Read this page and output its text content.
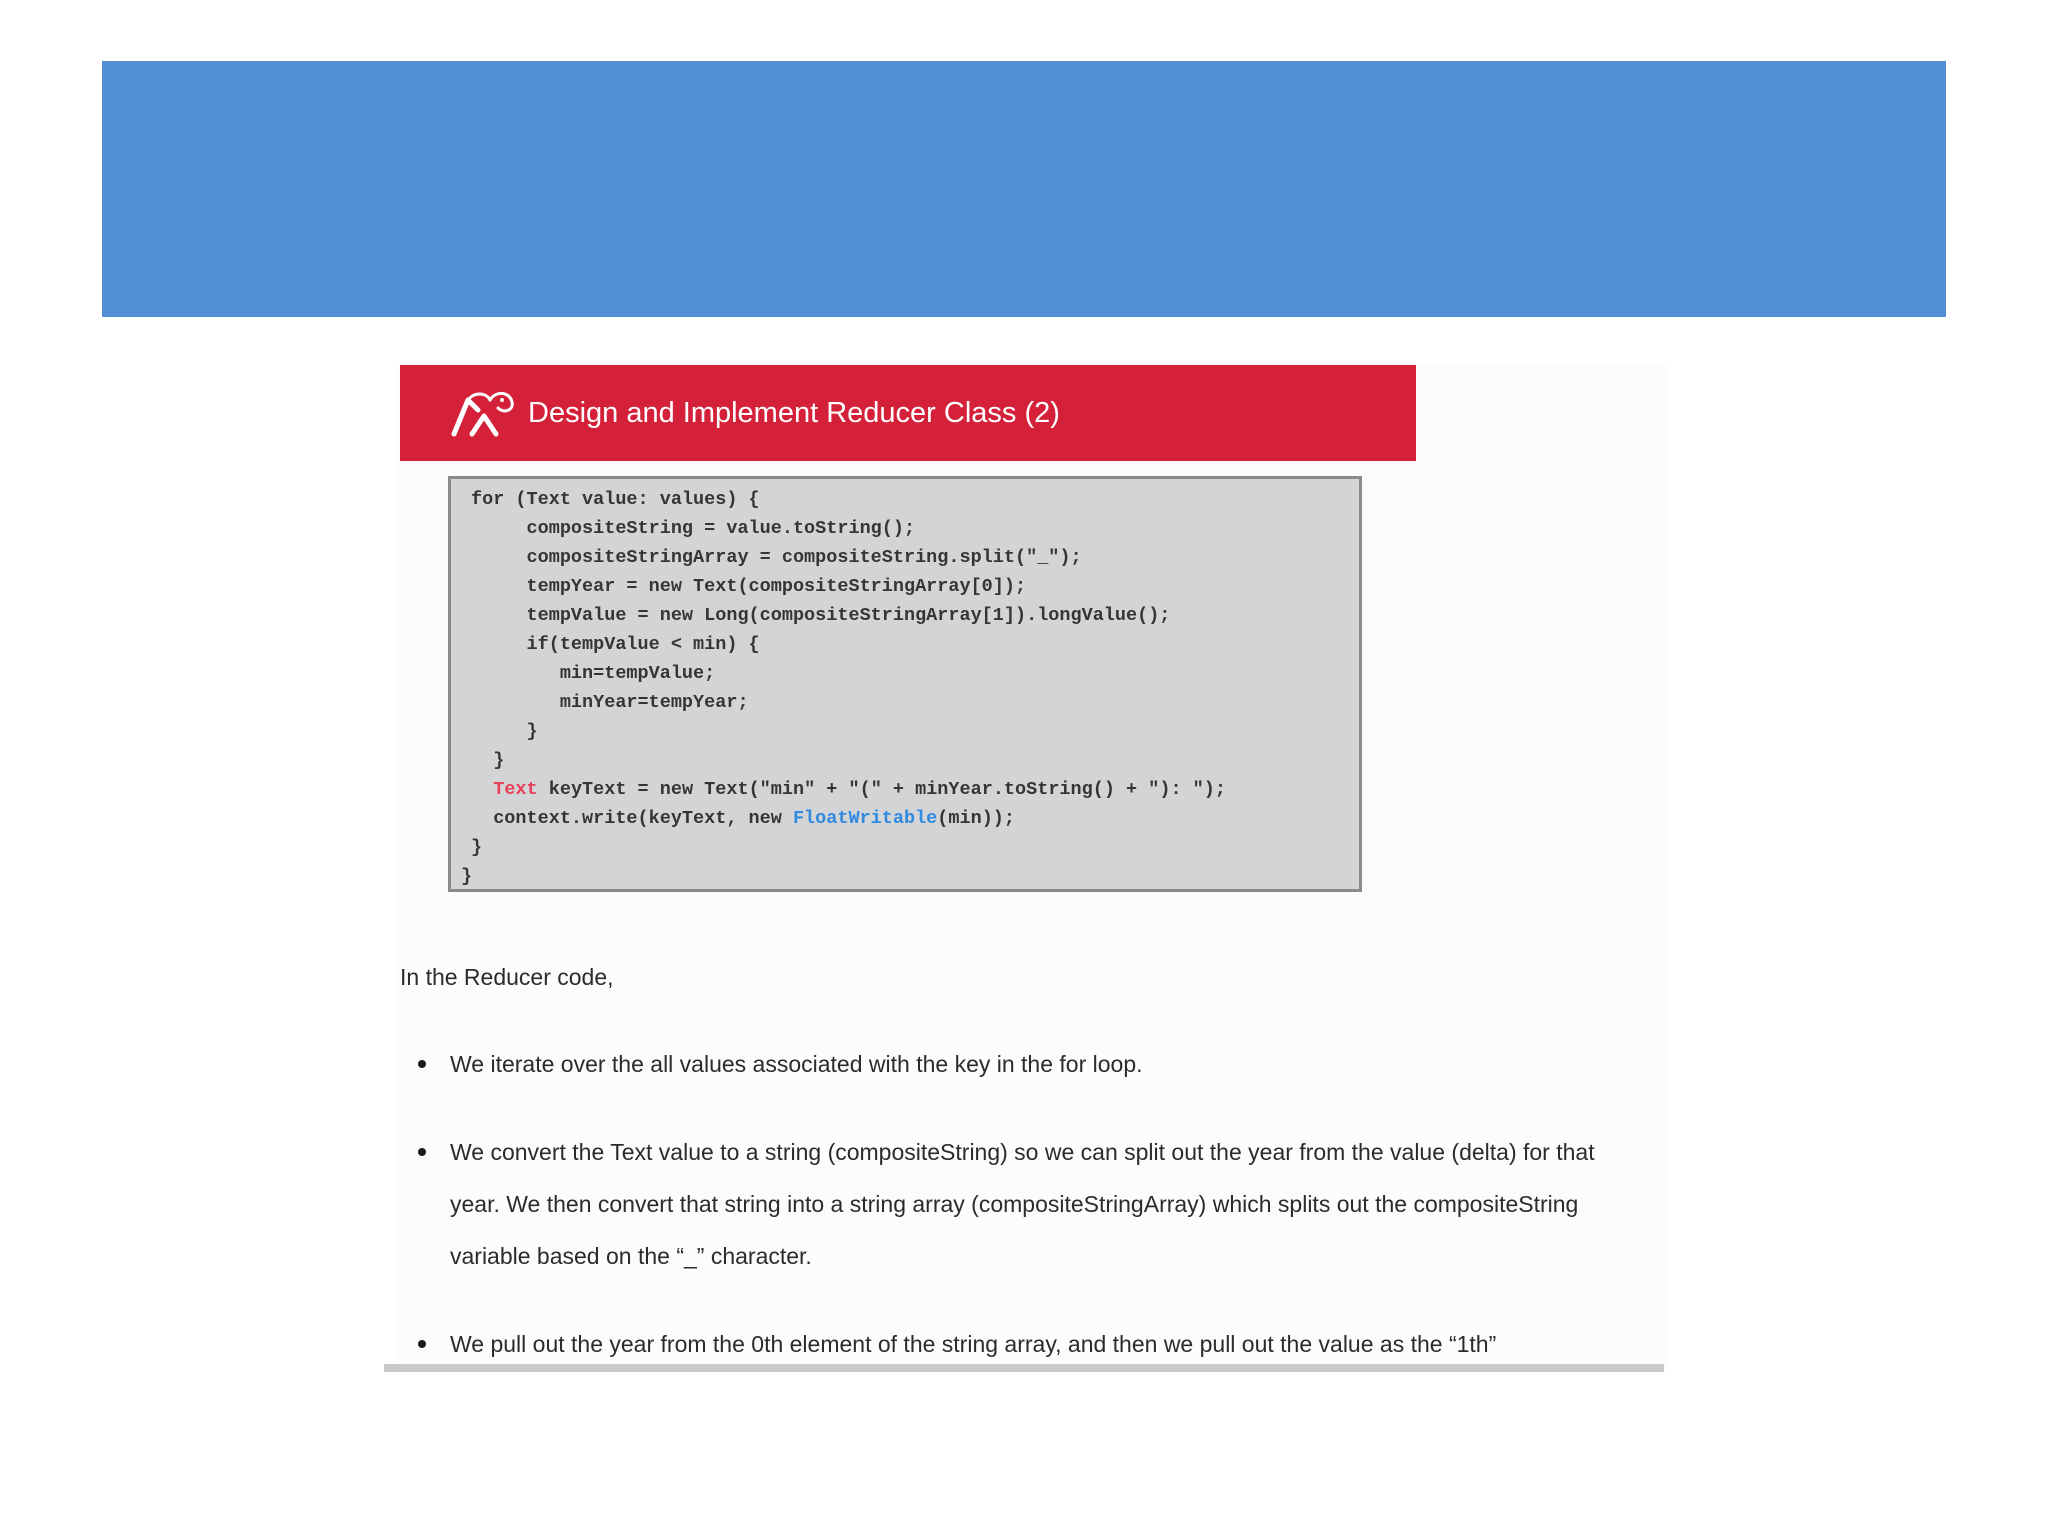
Design and Implement Reducer Class (2)
for (Text value: values) {
compositeString = value.toString();
compositeStringArray = compositeString.split("_");
tempYear = new Text(compositeStringArray[0]);
tempValue = new Long(compositeStringArray[1]).longValue();
if(tempValue < min) {
min=tempValue;
minYear=tempYear;
}
}
Text keyText = new Text("min" + "(" + minYear.toString() + "): ");
context.write(keyText, new FloatWritable(min));
}
}
In the Reducer code,
We iterate over the all values associated with the key in the for loop.
We convert the Text value to a string (compositeString) so we can split out the year from the value (delta) for that year. We then convert that string into a string array (compositeStringArray) which splits out the compositeString variable based on the “_” character.
We pull out the year from the 0th element of the string array, and then we pull out the value as the “1th”
